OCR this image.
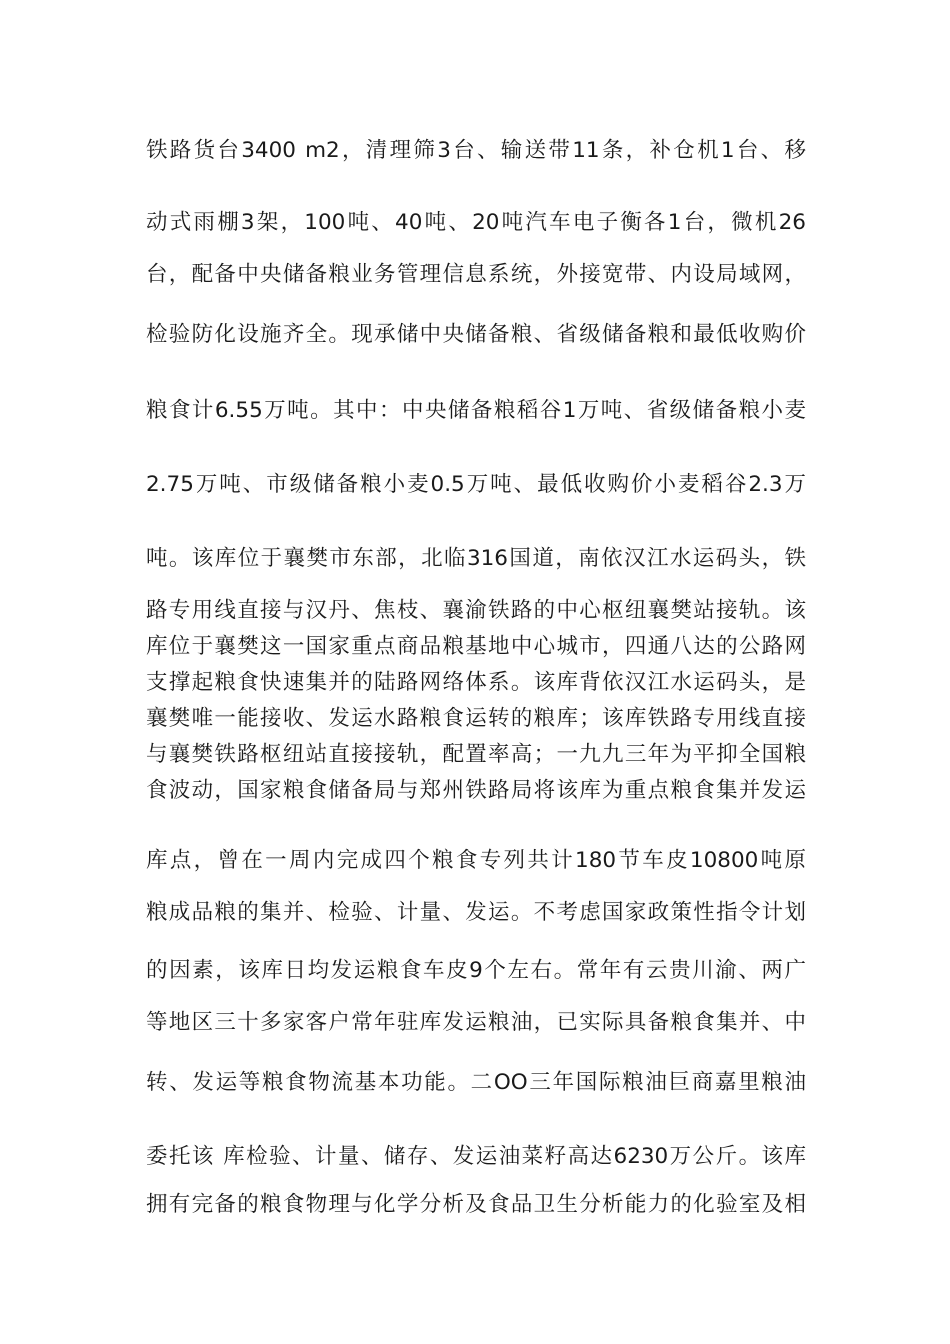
铁路货台3400 m2，清理筛3台、输送带11条，补仓机1台、移
动式雨棚3架，100吨、40吨、20吨汽车电子衡各1台，微机26
台，配备中央储备粮业务管理信息系统，外接宽带、内设局域网，
检验防化设施齐全。现承储中央储备粮、省级储备粮和最低收购价
粮食计6.55万吨。其中：中央储备粮稻谷1万吨、省级储备粮小麦
2.75万吨、市级储备粮小麦0.5万吨、最低收购价小麦稻谷2.3万
吨。该库位于襄樊市东部，北临316国道，南依汉江水运码头，铁
路专用线直接与汉丹、焦枝、襄渝铁路的中心枢纽襄樊站接轨。该
库位于襄樊这一国家重点商品粮基地中心城市，四通八达的公路网
支撑起粮食快速集并的陆路网络体系。该库背依汉江水运码头，是
襄樊唯一能接收、发运水路粮食运转的粮库；该库铁路专用线直接
与襄樊铁路枢纽站直接接轨，配置率高；一九九三年为平抑全国粮
食波动，国家粮食储备局与郑州铁路局将该库为重点粮食集并发运
库点，曾在一周内完成四个粮食专列共计180节车皮10800吨原
粮成品粮的集并、检验、计量、发运。不考虑国家政策性指令计划
的因素，该库日均发运粮食车皮9个左右。常年有云贵川渝、两广
等地区三十多家客户常年驻库发运粮油，已实际具备粮食集并、中
转、发运等粮食物流基本功能。二OO三年国际粮油巨商嘉里粮油
委托该 库检验、计量、储存、发运油菜籽高达6230万公斤。该库
拥有完备的粮食物理与化学分析及食品卫生分析能力的化验室及相
